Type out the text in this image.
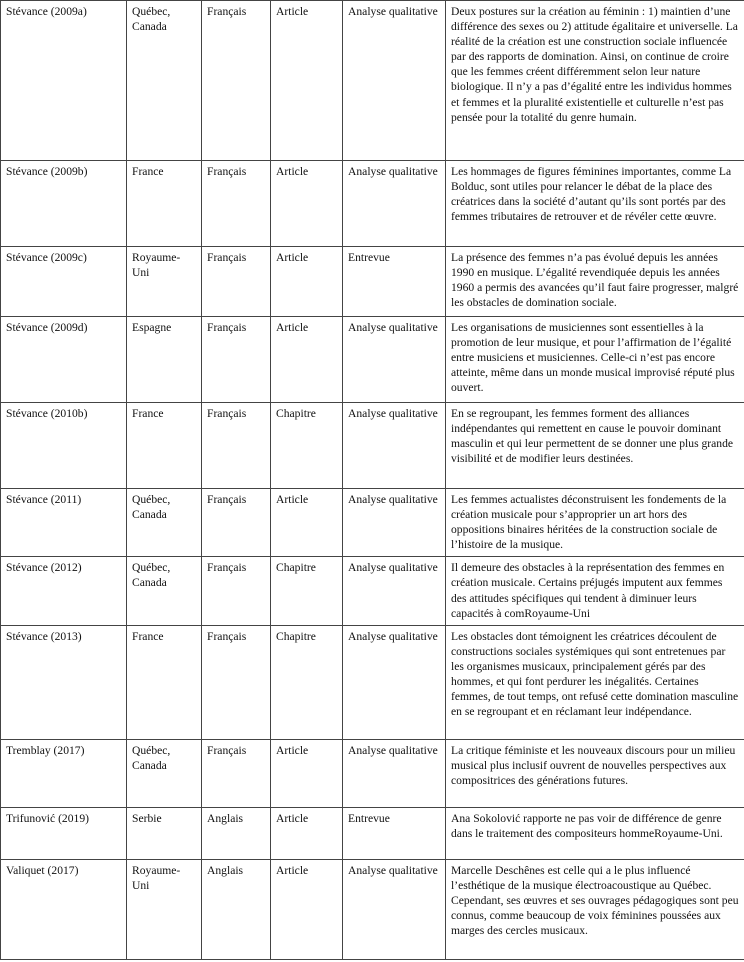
Stévance (2009a)	Québec, Canada	Français	Article	Analyse qualitative	Deux postures sur la création au féminin : 1) maintien d’une différence des sexes ou 2) attitude égalitaire et universelle. La réalité de la création est une construction sociale influencée par des rapports de domination. Ainsi, on continue de croire que les femmes créent différemment selon leur nature biologique. Il n’y a pas d’égalité entre les individus hommes et femmes et la pluralité existentielle et culturelle n’est pas pensée pour la totalité du genre humain.
Stévance (2009b)	France	Français	Article	Analyse qualitative	Les hommages de figures féminines importantes, comme La Bolduc, sont utiles pour relancer le débat de la place des créatrices dans la société d’autant qu’ils sont portés par des femmes tributaires de retrouver et de révéler cette œuvre.
Stévance (2009c)	Royaume-Uni	Français	Article	Entrevue	La présence des femmes n’a pas évolué depuis les années 1990 en musique. L’égalité revendiquée depuis les années 1960 a permis des avancées qu’il faut faire progresser, malgré les obstacles de domination sociale.
Stévance (2009d)	Espagne	Français	Article	Analyse qualitative	Les organisations de musiciennes sont essentielles à la promotion de leur musique, et pour l’affirmation de l’égalité entre musiciens et musiciennes. Celle-ci n’est pas encore atteinte, même dans un monde musical improvisé réputé plus ouvert.
Stévance (2010b)	France	Français	Chapitre	Analyse qualitative	En se regroupant, les femmes forment des alliances indépendantes qui remettent en cause le pouvoir dominant masculin et qui leur permettent de se donner une plus grande visibilité et de modifier leurs destinées.
Stévance (2011)	Québec, Canada	Français	Article	Analyse qualitative	Les femmes actualistes déconstruisent les fondements de la création musicale pour s’approprier un art hors des oppositions binaires héritées de la construction sociale de l’histoire de la musique.
Stévance (2012)	Québec, Canada	Français	Chapitre	Analyse qualitative	Il demeure des obstacles à la représentation des femmes en création musicale. Certains préjugés imputent aux femmes des attitudes spécifiques qui tendent à diminuer leurs capacités à comRoyaume-Uni
Stévance (2013)	France	Français	Chapitre	Analyse qualitative	Les obstacles dont témoignent les créatrices découlent de constructions sociales systémiques qui sont entretenues par les organismes musicaux, principalement gérés par des hommes, et qui font perdurer les inégalités. Certaines femmes, de tout temps, ont refusé cette domination masculine en se regroupant et en réclamant leur indépendance.
Tremblay (2017)	Québec, Canada	Français	Article	Analyse qualitative	La critique féministe et les nouveaux discours pour un milieu musical plus inclusif ouvrent de nouvelles perspectives aux compositrices des générations futures.
Trifunović (2019)	Serbie	Anglais	Article	Entrevue	Ana Sokolović rapporte ne pas voir de différence de genre dans le traitement des compositeurs hommeRoyaume-Uni.
Valiquet (2017)	Royaume-Uni	Anglais	Article	Analyse qualitative	Marcelle Deschênes est celle qui a le plus influencé l’esthétique de la musique électroacoustique au Québec. Cependant, ses œuvres et ses ouvrages pédagogiques sont peu connus, comme beaucoup de voix féminines poussées aux marges des cercles musicaux.
